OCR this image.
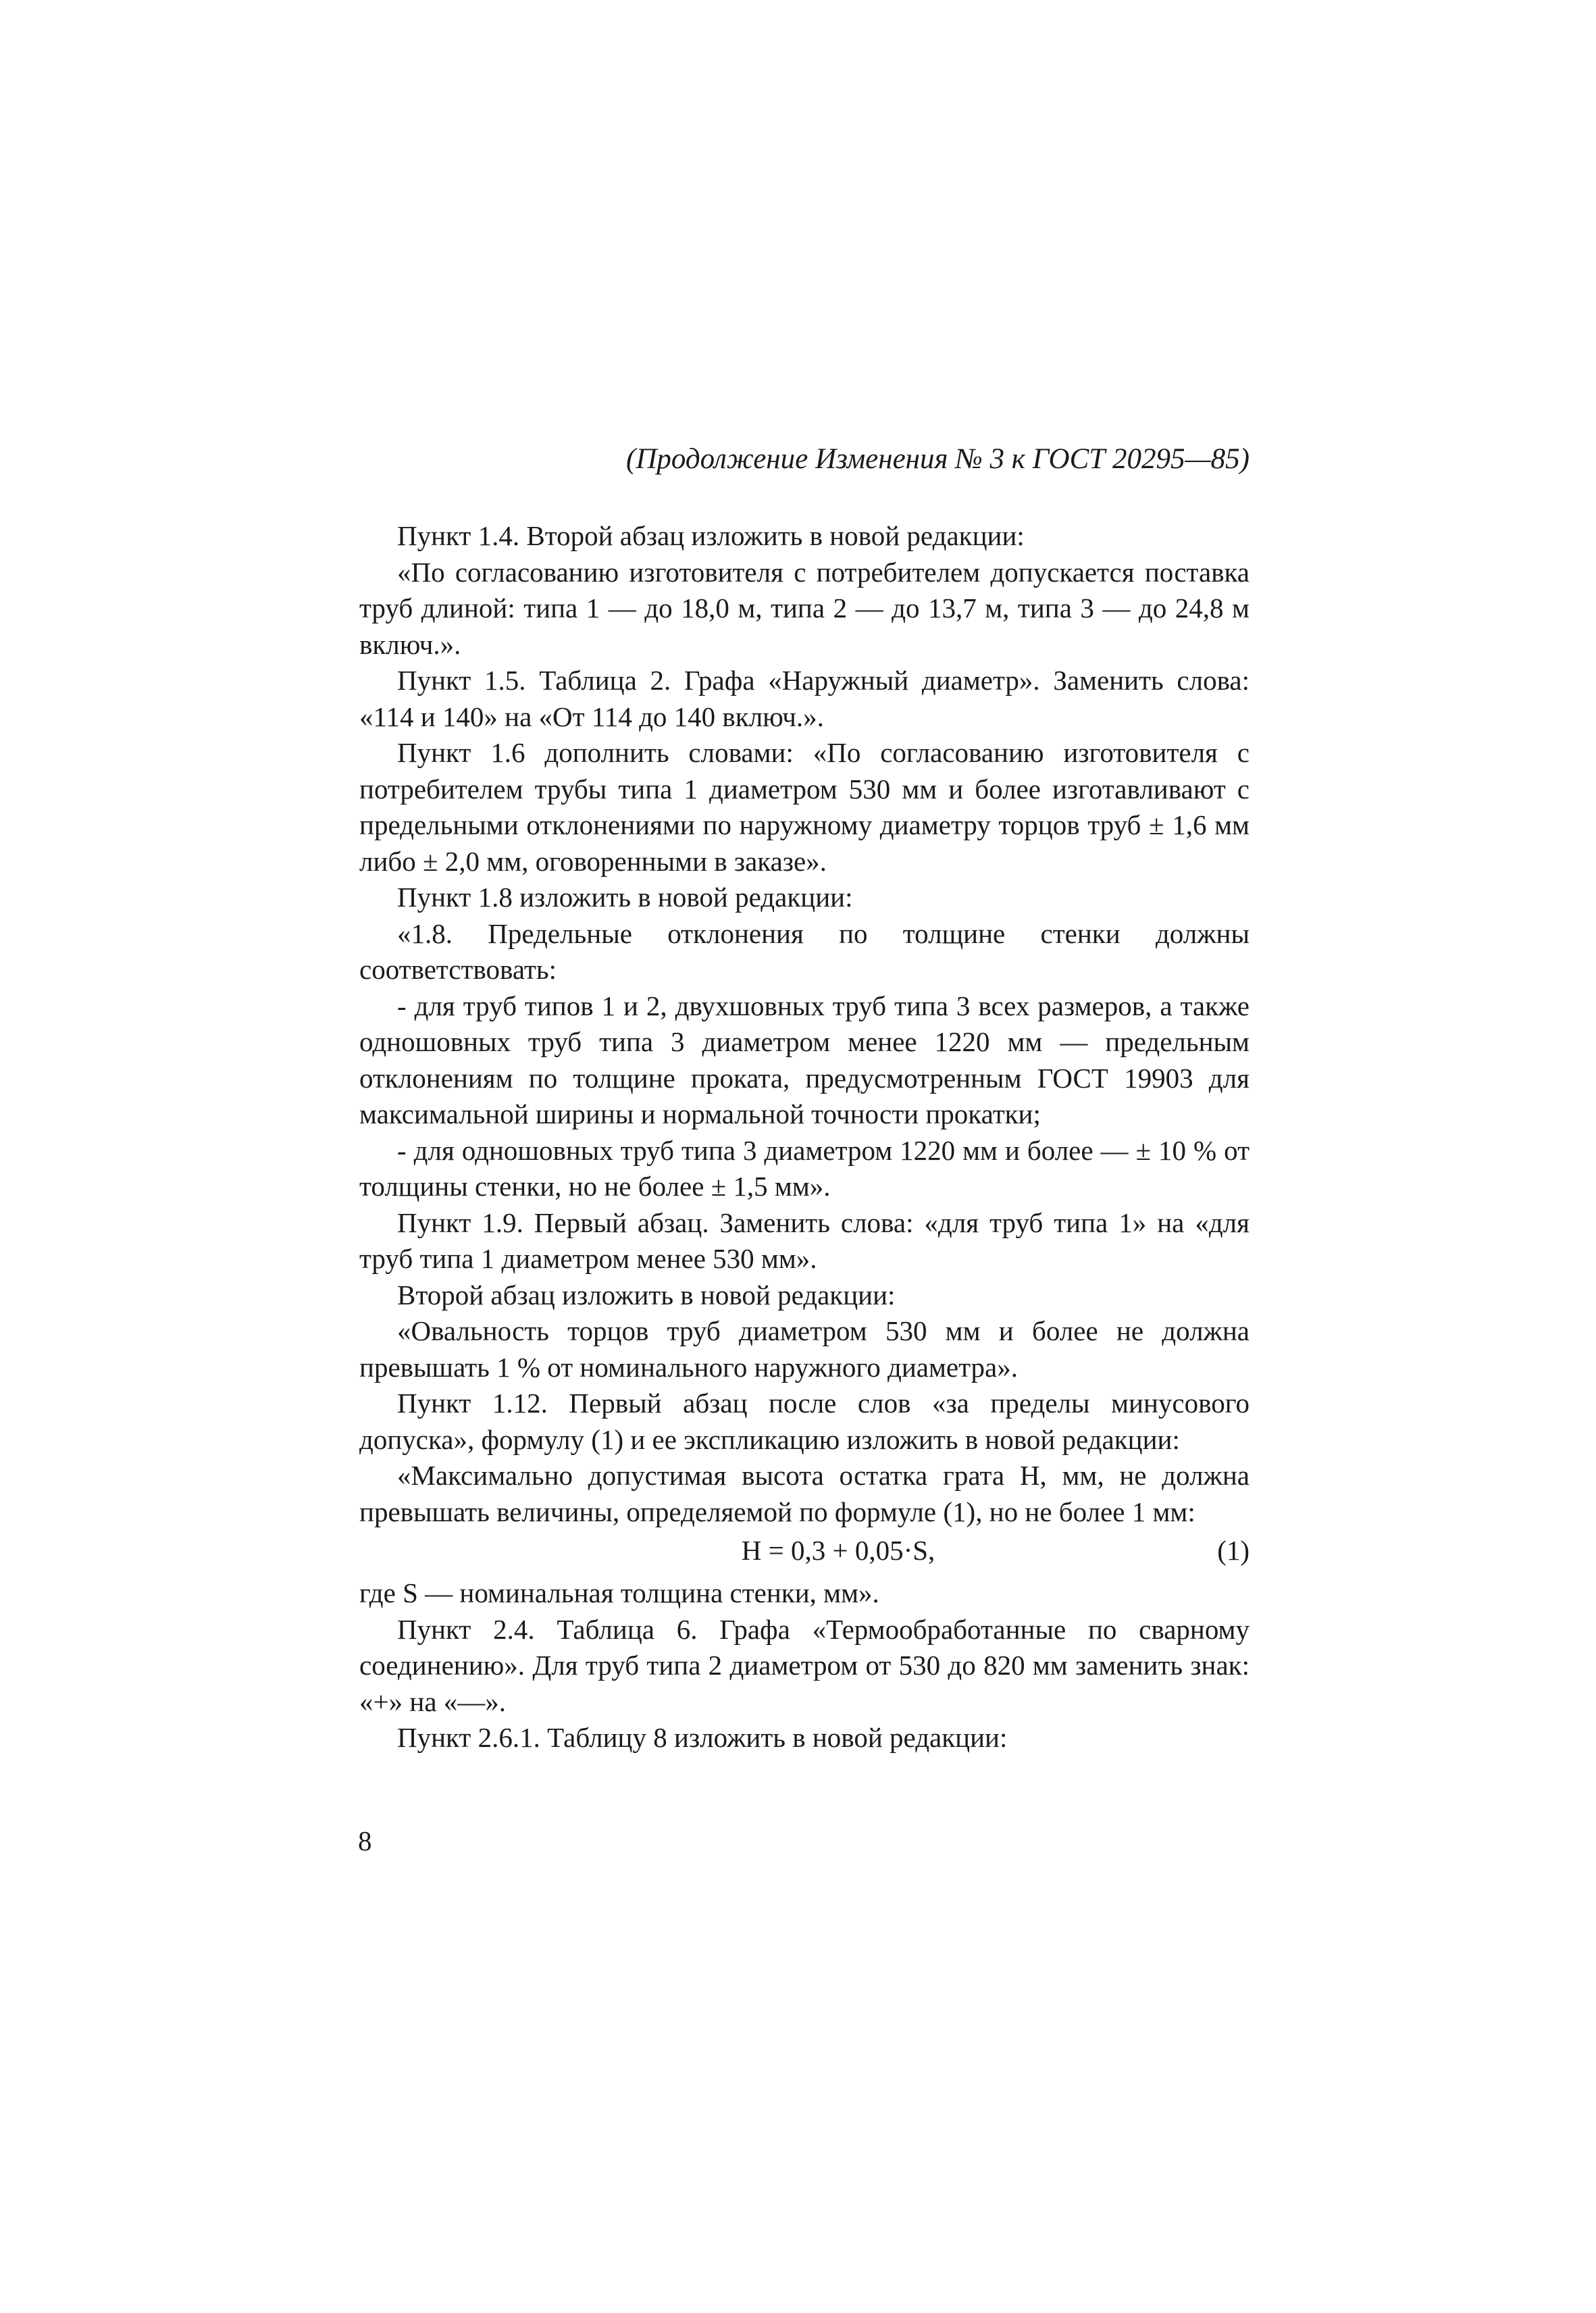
(Продолжение Изменения № 3 к ГОСТ 20295—85)

Пункт 1.4. Второй абзац изложить в новой редакции:

«По согласованию изготовителя с потребителем допускается поставка труб длиной: типа 1 — до 18,0 м, типа 2 — до 13,7 м, типа 3 — до 24,8 м включ.».

Пункт 1.5. Таблица 2. Графа «Наружный диаметр». Заменить слова: «114 и 140» на «От 114 до 140 включ.».

Пункт 1.6 дополнить словами: «По согласованию изготовителя с потребителем трубы типа 1 диаметром 530 мм и более изготавливают с предельными отклонениями по наружному диаметру торцов труб ± 1,6 мм либо ± 2,0 мм, оговоренными в заказе».

Пункт 1.8 изложить в новой редакции:

«1.8. Предельные отклонения по толщине стенки должны соответствовать:

- для труб типов 1 и 2, двухшовных труб типа 3 всех размеров, а также одношовных труб типа 3 диаметром менее 1220 мм — предельным отклонениям по толщине проката, предусмотренным ГОСТ 19903 для максимальной ширины и нормальной точности прокатки;

- для одношовных труб типа 3 диаметром 1220 мм и более — ± 10 % от толщины стенки, но не более ± 1,5 мм».

Пункт 1.9. Первый абзац. Заменить слова: «для труб типа 1» на «для труб типа 1 диаметром менее 530 мм».

Второй абзац изложить в новой редакции:

«Овальность торцов труб диаметром 530 мм и более не должна превышать 1 % от номинального наружного диаметра».

Пункт 1.12. Первый абзац после слов «за пределы минусового допуска», формулу (1) и ее экспликацию изложить в новой редакции:

«Максимально допустимая высота остатка грата H, мм, не должна превышать величины, определяемой по формуле (1), но не более 1 мм:

H = 0,3 + 0,05·S,	(1)

где S — номинальная толщина стенки, мм».

Пункт 2.4. Таблица 6. Графа «Термообработанные по сварному соединению». Для труб типа 2 диаметром от 530 до 820 мм заменить знак: «+» на «—».

Пункт 2.6.1. Таблицу 8 изложить в новой редакции:

8
